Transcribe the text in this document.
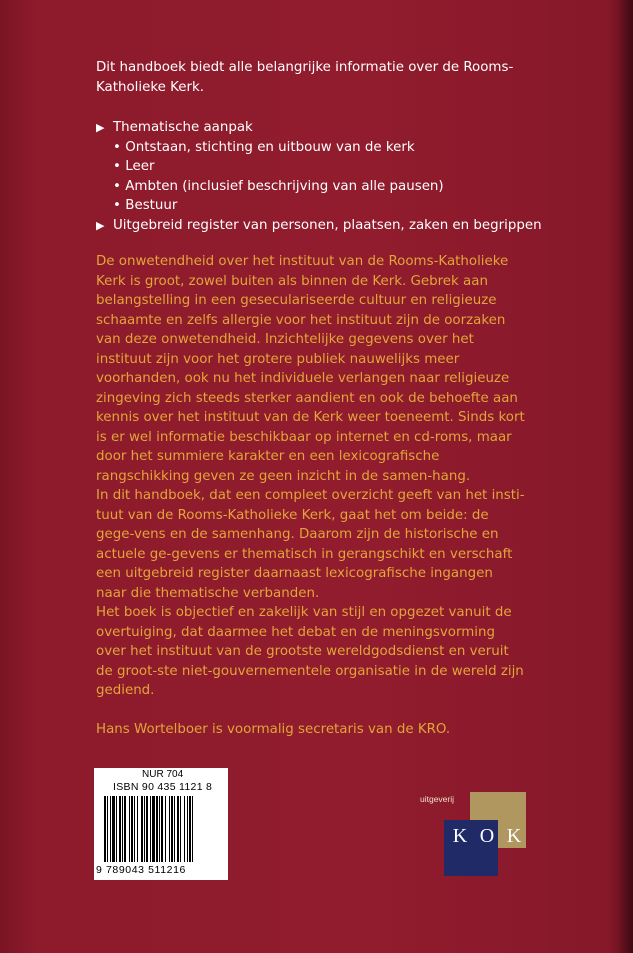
Dit handboek biedt alle belangrijke informatie over de Rooms-Katholieke Kerk.
▶ Thematische aanpak
• Ontstaan, stichting en uitbouw van de kerk
• Leer
• Ambten (inclusief beschrijving van alle pausen)
• Bestuur
▶ Uitgebreid register van personen, plaatsen, zaken en begrippen

De onwetendheid over het instituut van de Rooms-Katholieke Kerk is groot, zowel buiten als binnen de Kerk. Gebrek aan belangstelling in een geseculariseerde cultuur en religieuze schaamte en zelfs allergie voor het instituut zijn de oorzaken van deze onwetendheid. Inzichtelijke gegevens over het instituut zijn voor het grotere publiek nauwelijks meer voorhanden, ook nu het individuele verlangen naar religieuze zingeving zich steeds sterker aandient en ook de behoefte aan kennis over het instituut van de Kerk weer toeneemt. Sinds kort is er wel informatie beschikbaar op internet en cd-roms, maar door het summiere karakter en een lexicografische rangschikking geven ze geen inzicht in de samen-hang.

In dit handboek, dat een compleet overzicht geeft van het insti-tuut van de Rooms-Katholieke Kerk, gaat het om beide: de gege-vens en de samenhang. Daarom zijn de historische en actuele ge-gevens er thematisch in gerangschikt en verschaft een uitgebreid register daarnaast lexicografische ingangen naar die thematische verbanden.

Het boek is objectief en zakelijk van stijl en opgezet vanuit de overtuiging, dat daarmee het debat en de meningsvorming over het instituut van de grootste wereldgodsdienst en veruit de groot-ste niet-gouvernementele organisatie in de wereld zijn gediend.

Hans Wortelboer is voormalig secretaris van de KRO.

NUR 704
ISBN 90 435 1121 8
9 789043 511216
uitgeverij
K O K
